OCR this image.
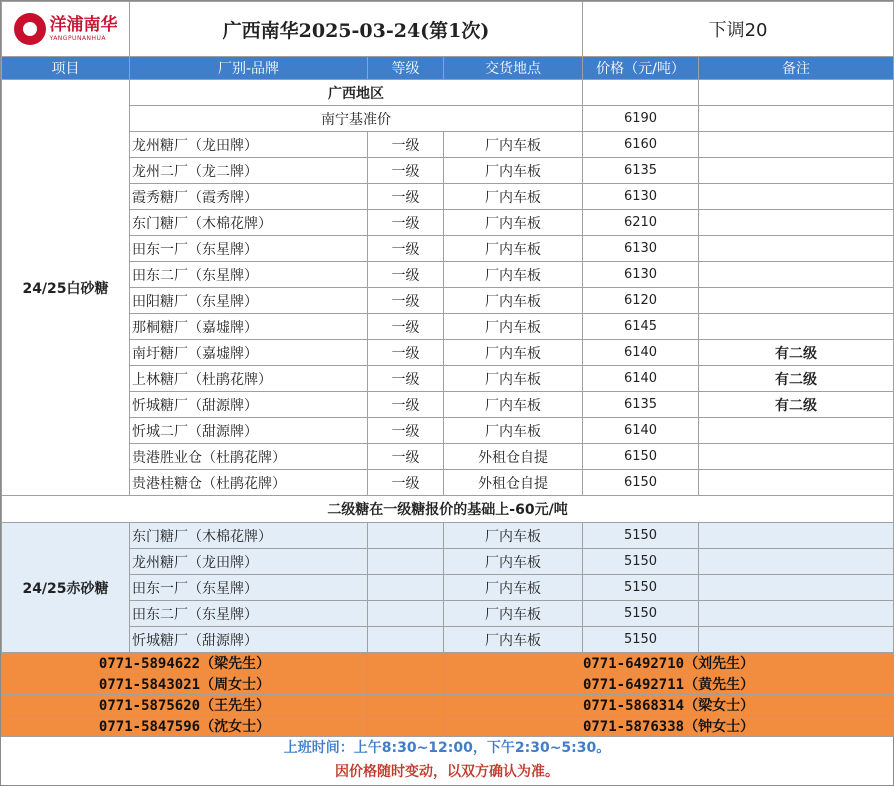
洋浦南华
YANGPUNANHUA	广西南华2025-03-24(第1次)			下调20	
项目	厂别-品牌	等级	交货地点	价格（元/吨）	备注
24/25白砂糖	广西地区				
	南宁基准价			6190	
	龙州糖厂（龙田牌）	一级	厂内车板	6160	
	龙州二厂（龙二牌）	一级	厂内车板	6135	
	霞秀糖厂（霞秀牌）	一级	厂内车板	6130	
	东门糖厂（木棉花牌）	一级	厂内车板	6210	
	田东一厂（东星牌）	一级	厂内车板	6130	
	田东二厂（东星牌）	一级	厂内车板	6130	
	田阳糖厂（东星牌）	一级	厂内车板	6120	
	那桐糖厂（嘉墟牌）	一级	厂内车板	6145	
	南圩糖厂（嘉墟牌）	一级	厂内车板	6140	有二级
	上林糖厂（杜鹃花牌）	一级	厂内车板	6140	有二级
	忻城糖厂（甜源牌）	一级	厂内车板	6135	有二级
	忻城二厂（甜源牌）	一级	厂内车板	6140	
	贵港胜业仓（杜鹃花牌）	一级	外租仓自提	6150	
	贵港桂糖仓（杜鹃花牌）	一级	外租仓自提	6150	
二级糖在一级糖报价的基础上-60元/吨					
24/25赤砂糖	东门糖厂（木棉花牌）		厂内车板	5150	
	龙州糖厂（龙田牌）		厂内车板	5150	
	田东一厂（东星牌）		厂内车板	5150	
	田东二厂（东星牌）		厂内车板	5150	
	忻城糖厂（甜源牌）		厂内车板	5150	
0771-5894622（梁先生）			0771-6492710（刘先生）		
0771-5843021（周女士）			0771-6492711（黄先生）		
0771-5875620（王先生）			0771-5868314（梁女士）		
0771-5847596（沈女士）			0771-5876338（钟女士）		
上班时间：上午8:30~12:00，下午2:30~5:30。
因价格随时变动，以双方确认为准。
